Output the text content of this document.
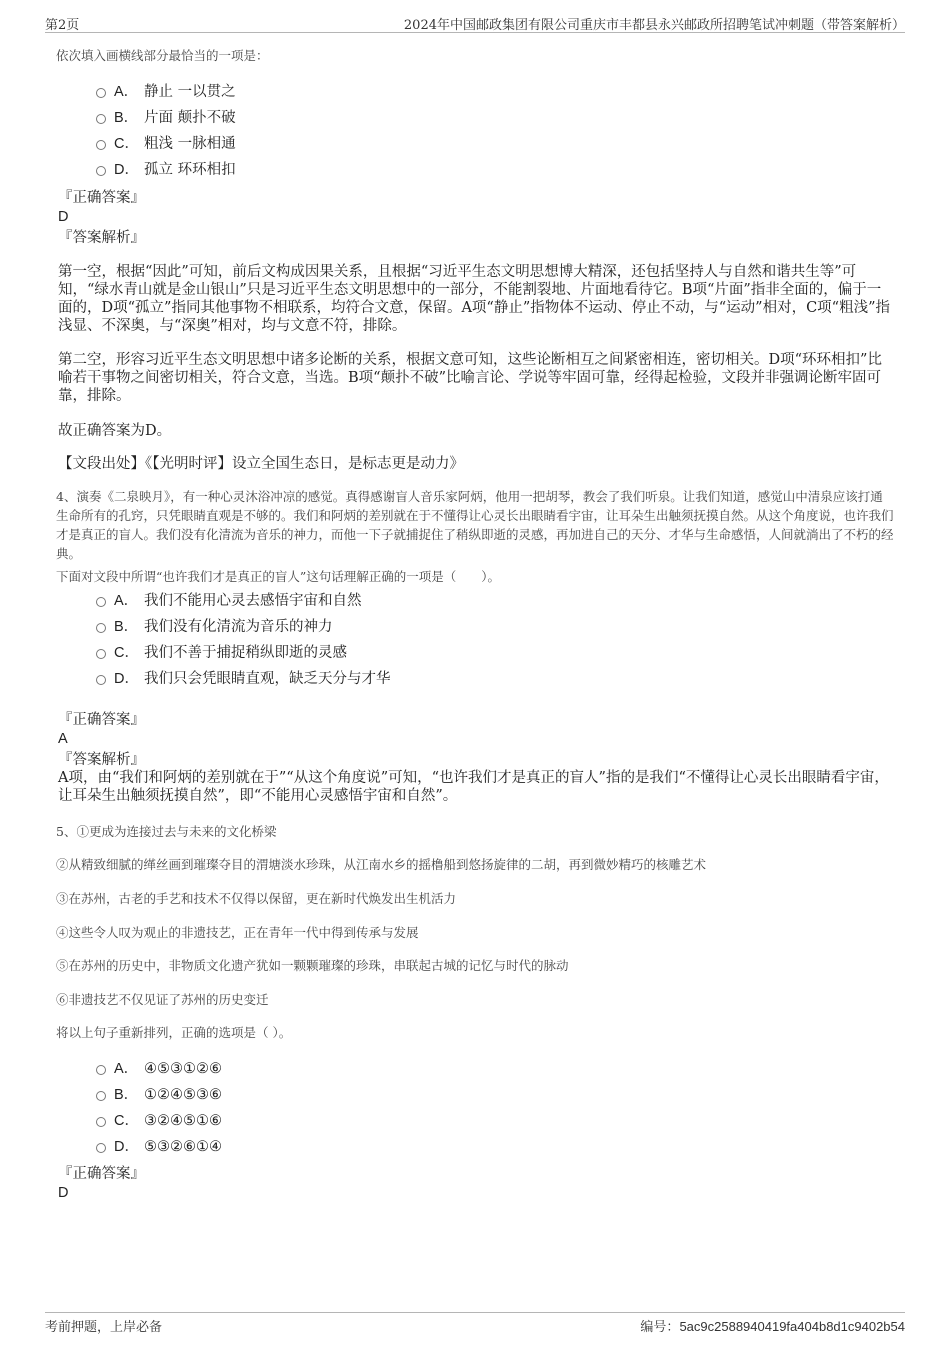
第2页	2024年中国邮政集团有限公司重庆市丰都县永兴邮政所招聘笔试冲刺题（带答案解析）
依次填入画横线部分最恰当的一项是：
A． 静止 一以贯之
B． 片面 颠扑不破
C． 粗浅 一脉相通
D． 孤立 环环相扣
『正确答案』
D
『答案解析』
第一空，根据“因此”可知，前后文构成因果关系，且根据“习近平生态文明思想博大精深，还包括坚持人与自然和谐共生等”可知，“绿水青山就是金山银山”只是习近平生态文明思想中的一部分，不能割裂地、片面地看待它。B项“片面”指非全面的，偏于一面的，D项“孤立”指同其他事物不相联系，均符合文意，保留。A项“静止”指物体不运动、停止不动，与“运动”相对，C项“粗浅”指浅显、不深奥，与“深奥”相对，均与文意不符，排除。
第二空，形容习近平生态文明思想中诸多论断的关系，根据文意可知，这些论断相互之间紧密相连，密切相关。D项“环环相扣”比喻若干事物之间密切相关，符合文意，当选。B项“颠扑不破”比喻言论、学说等牢固可靠，经得起检验，文段并非强调论断牢固可靠，排除。
故正确答案为D。
【文段出处】《【光明时评】设立全国生态日，是标志更是动力》
4、演奏《二泉映月》，有一种心灵沐浴冲凉的感觉。真得感谢盲人音乐家阿炳，他用一把胡琴，教会了我们听泉。让我们知道，感觉山中清泉应该打通生命所有的孔窍，只凭眼睛直观是不够的。我们和阿炳的差别就在于不懂得让心灵长出眼睛看宇宙，让耳朵生出触须抚摸自然。从这个角度说，也许我们才是真正的盲人。我们没有化清流为音乐的神力，而他一下子就捕捉住了稍纵即逝的灵感，再加进自己的天分、才华与生命感悟，人间就淌出了不朽的经典。
下面对文段中所谓“也许我们才是真正的盲人”这句话理解正确的一项是（　　）。
A． 我们不能用心灵去感悟宇宙和自然
B． 我们没有化清流为音乐的神力
C． 我们不善于捕捉稍纵即逝的灵感
D． 我们只会凭眼睛直观，缺乏天分与才华
『正确答案』
A
『答案解析』
A项，由“我们和阿炳的差别就在于”“从这个角度说”可知，“也许我们才是真正的盲人”指的是我们“不懂得让心灵长出眼睛看宇宙，让耳朵生出触须抚摸自然”，即“不能用心灵感悟宇宙和自然”。
5、①更成为连接过去与未来的文化桥梁
②从精致细腻的缂丝画到璀璨夺目的渭塘淡水珍珠，从江南水乡的摇橹船到悠扬旋律的二胡，再到微妙精巧的核雕艺术
③在苏州，古老的手艺和技术不仅得以保留，更在新时代焕发出生机活力
④这些令人叹为观止的非遗技艺，正在青年一代中得到传承与发展
⑤在苏州的历史中，非物质文化遗产犹如一颗颗璀璨的珍珠，串联起古城的记忆与时代的脉动
⑥非遗技艺不仅见证了苏州的历史变迁
将以上句子重新排列，正确的选项是（ ）。
A． ④⑤③①②⑥
B． ①②④⑤③⑥
C． ③②④⑤①⑥
D． ⑤③②⑥①④
『正确答案』
D
考前押题，上岸必备	编号：5ac9c2588940419fa404b8d1c9402b54
